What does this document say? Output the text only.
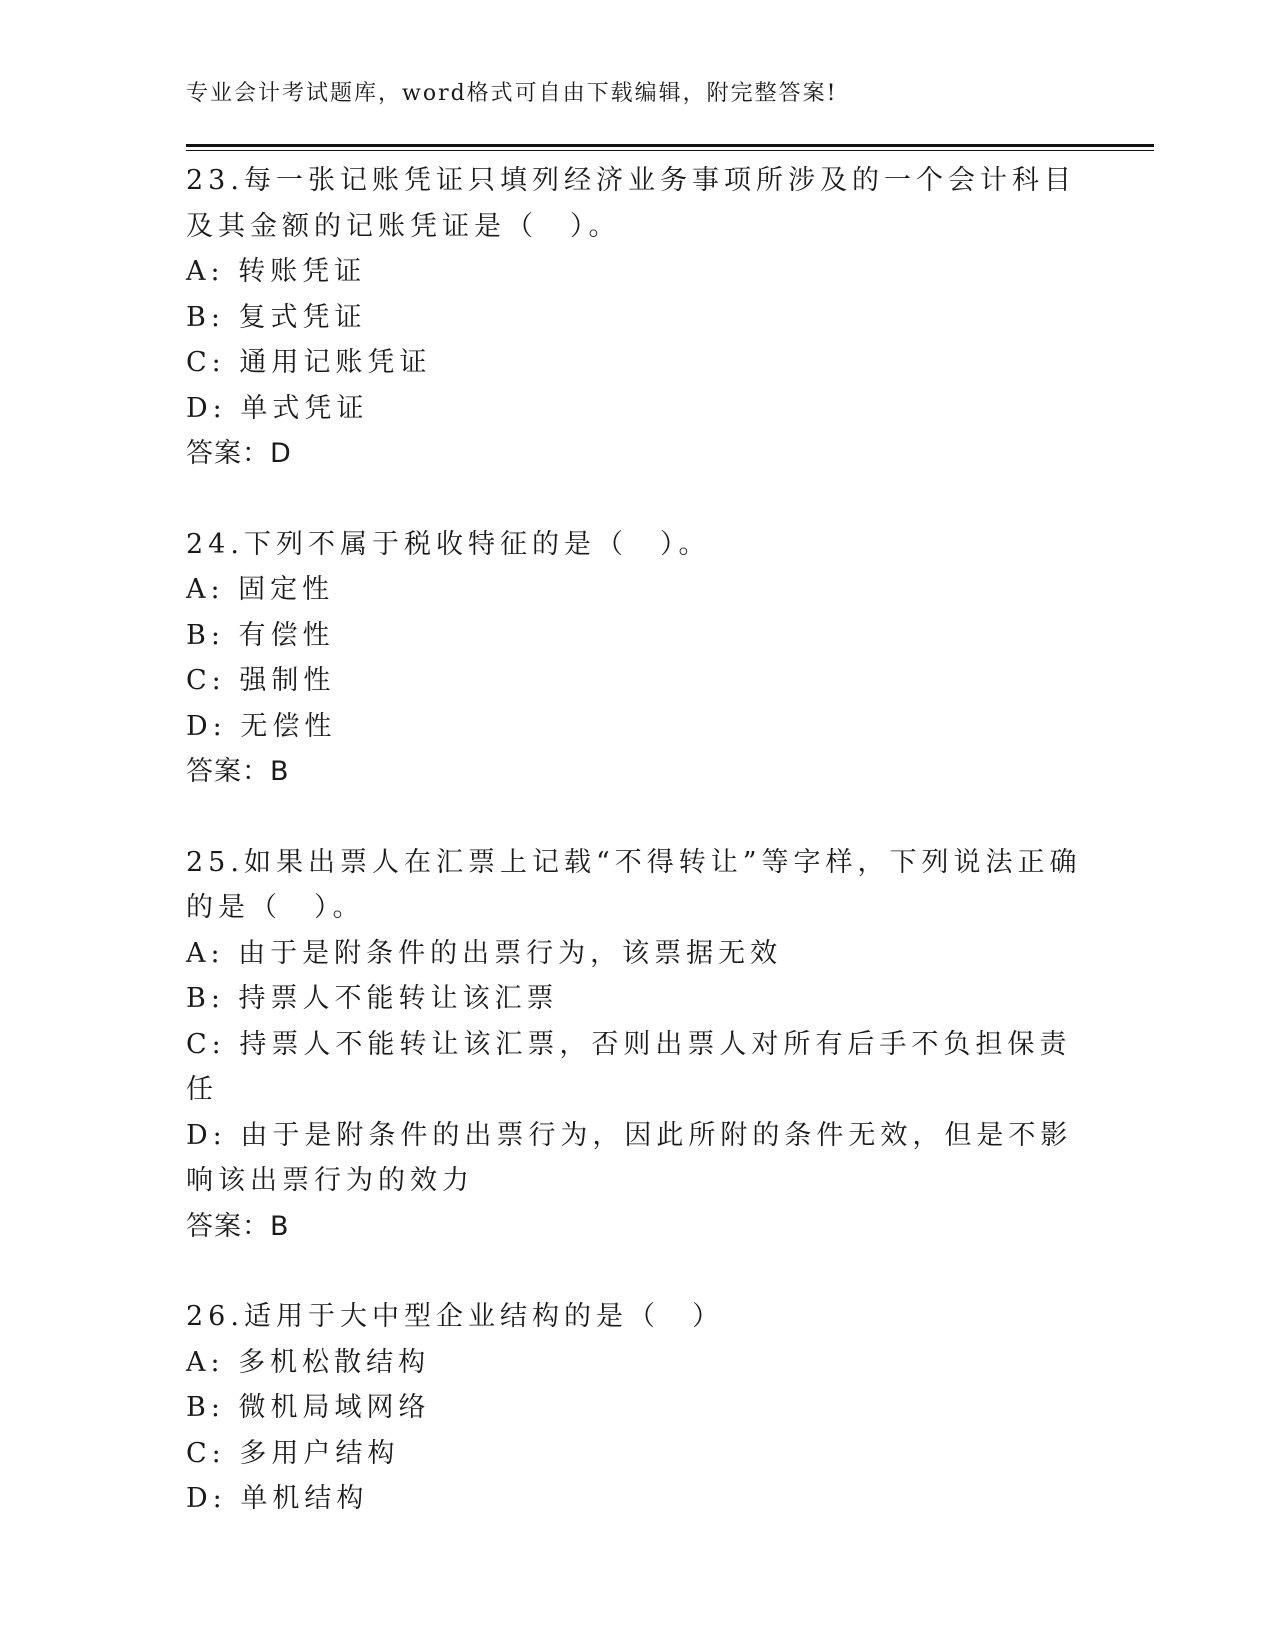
专业会计考试题库，word格式可自由下载编辑，附完整答案!

23.每一张记账凭证只填列经济业务事项所涉及的一个会计科目及其金额的记账凭证是（　）。

A: 转账凭证

B: 复式凭证

C: 通用记账凭证

D: 单式凭证

答案：D

24.下列不属于税收特征的是（　）。

A: 固定性

B: 有偿性

C: 强制性

D: 无偿性

答案：B

25.如果出票人在汇票上记载“不得转让”等字样，下列说法正确的是（　）。

A: 由于是附条件的出票行为，该票据无效

B: 持票人不能转让该汇票

C: 持票人不能转让该汇票，否则出票人对所有后手不负担保责任

D: 由于是附条件的出票行为，因此所附的条件无效，但是不影响该出票行为的效力

答案：B

26.适用于大中型企业结构的是（　）

A: 多机松散结构

B: 微机局域网络

C: 多用户结构

D: 单机结构
